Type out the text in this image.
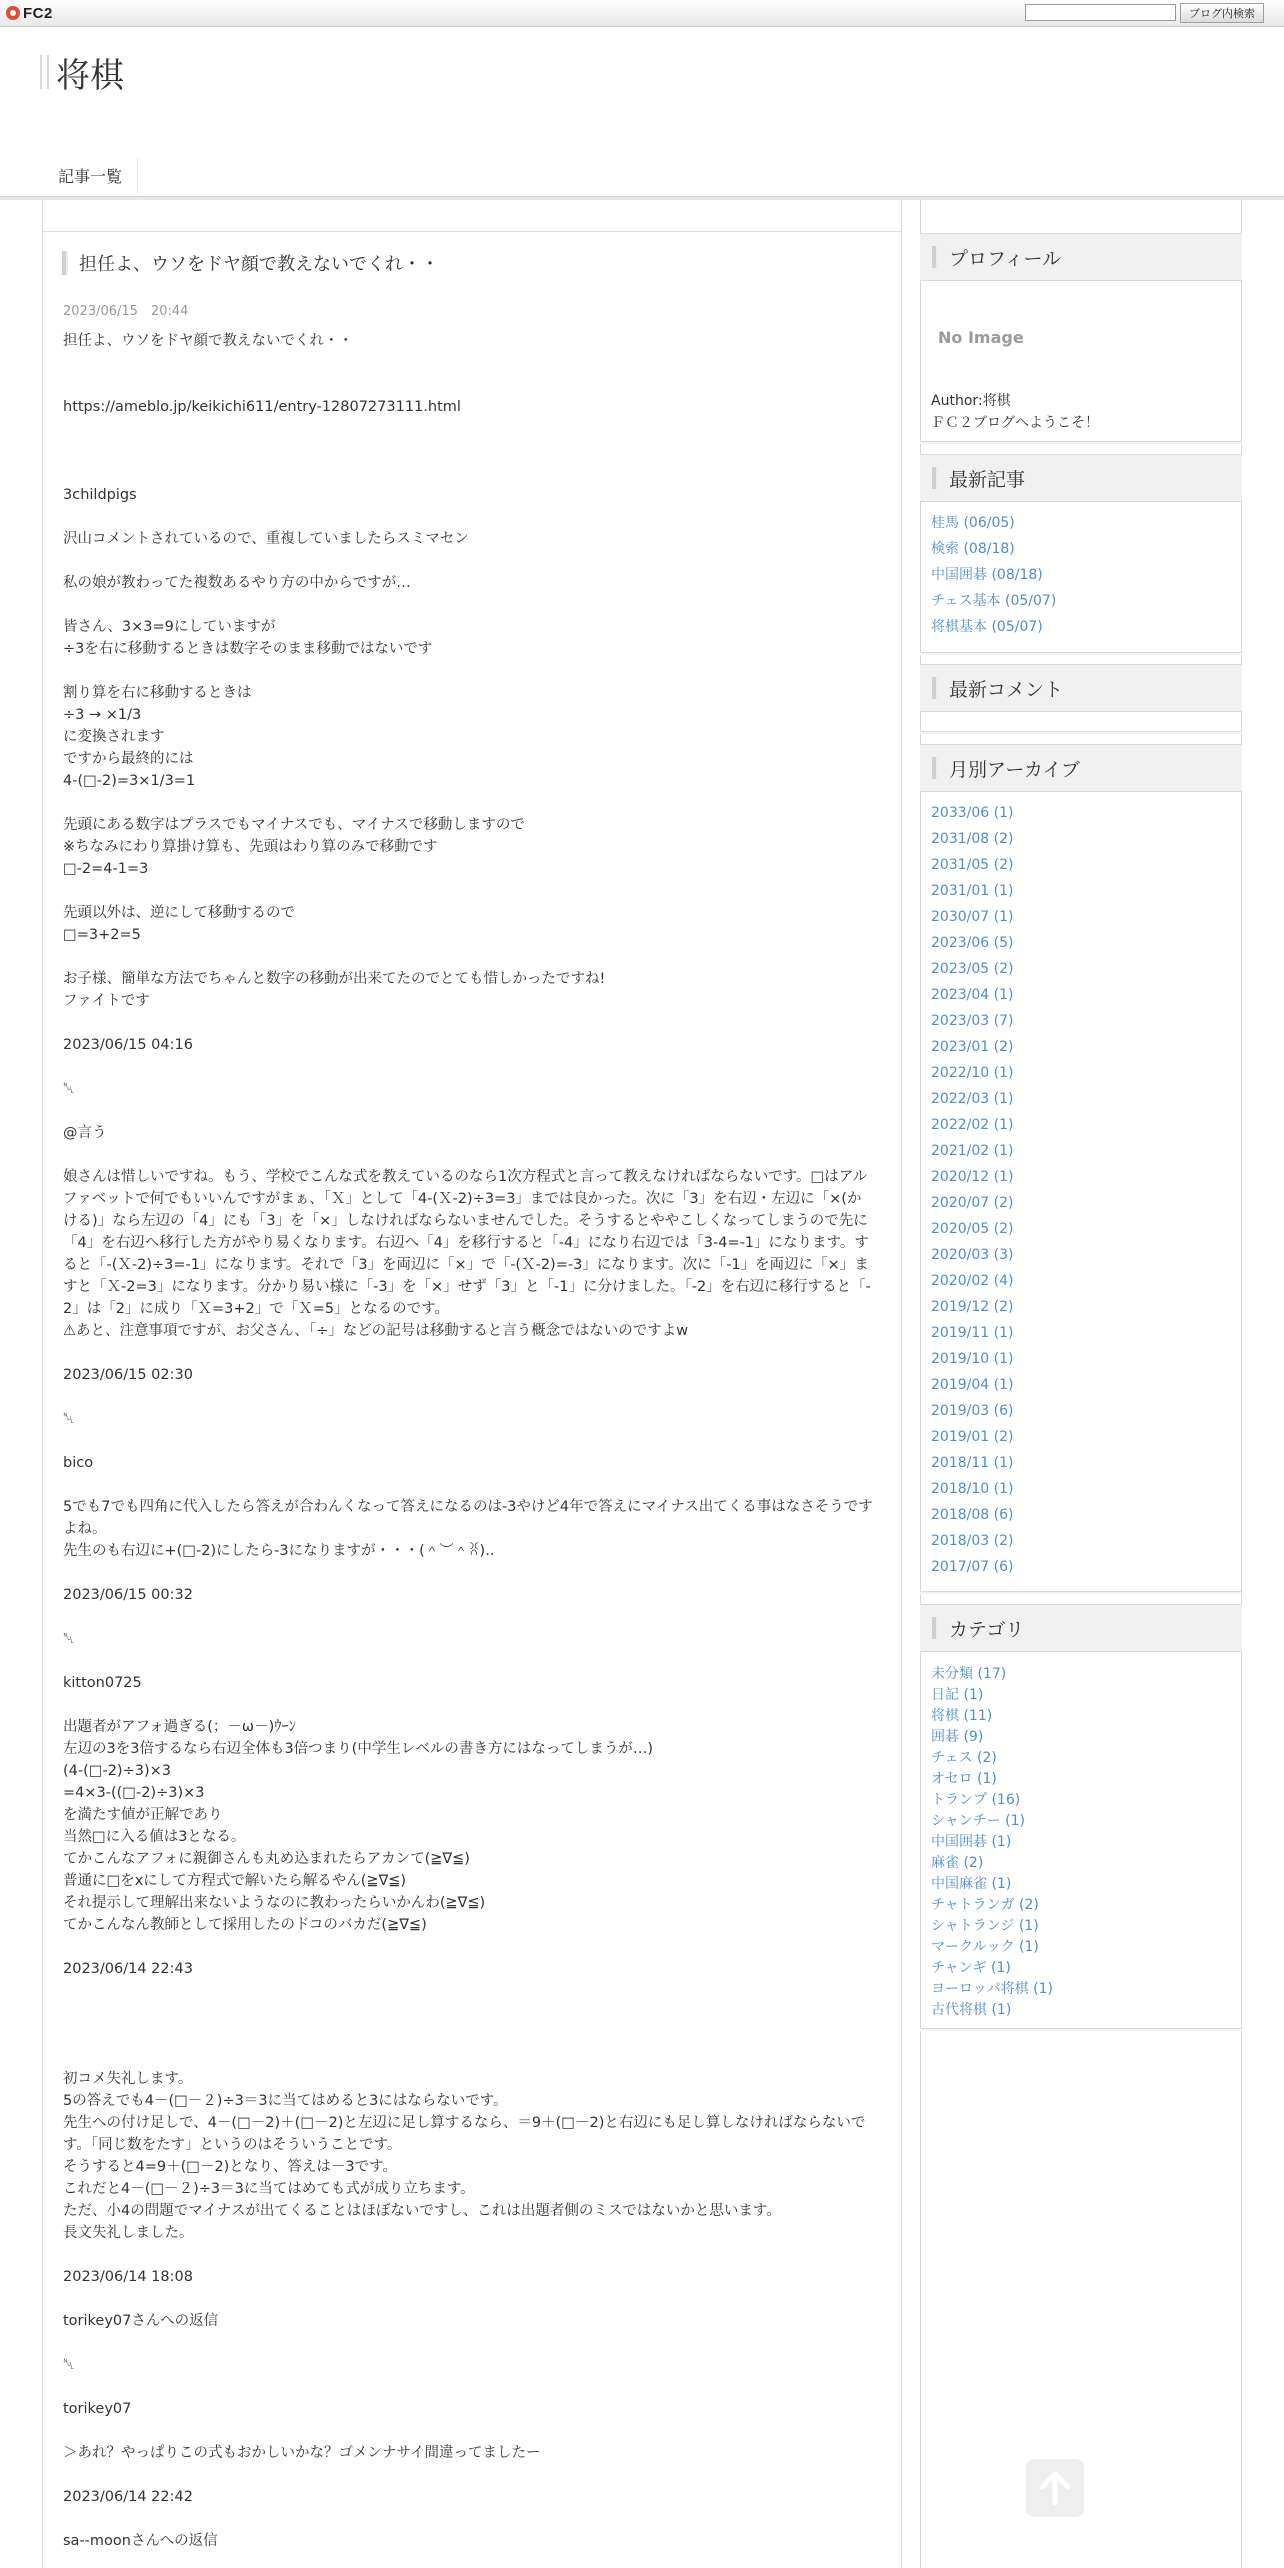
FC2	ブログ内検索
将棋
記事一覧
担任よ、ウソをドヤ顔で教えないでくれ・・
2023/06/15　20:44
担任よ、ウソをドヤ顔で教えないでくれ・・

https://ameblo.jp/keikichi611/entry-12807273111.html

3childpigs

沢山コメントされているので、重複していましたらスミマセン

私の娘が教わってた複数あるやり方の中からですが…

皆さん、3×3=9にしていますが
÷3を右に移動するときは数字そのまま移動ではないです

割り算を右に移動するときは
÷3 → ×1/3
に変換されます
ですから最終的には
4-(□-2)=3×1/3=1

先頭にある数字はプラスでもマイナスでも、マイナスで移動しますので
※ちなみにわり算掛け算も、先頭はわり算のみで移動です
□-2=4-1=3

先頭以外は、逆にして移動するので
□=3+2=5

お子様、簡単な方法でちゃんと数字の移動が出来てたのでとても惜しかったですね!
ファイトです

2023/06/15 04:16

␀

@言う

娘さんは惜しいですね。もう、学校でこんな式を教えているのなら1次方程式と言って教えなければならないです。□はアルファベットで何でもいいんですがまぁ、「Ｘ」として「4-(Ｘ-2)÷3=3」までは良かった。次に「3」を右辺・左辺に「×(かける)」なら左辺の「4」にも「3」を「×」しなければならないませんでした。そうするとややこしくなってしまうので先に「4」を右辺へ移行した方がやり易くなります。右辺へ「4」を移行すると「-4」になり右辺では「3-4=-1」になります。すると「-(Ｘ-2)÷3=-1」になります。それで「3」を両辺に「×」で「-(Ｘ-2)=-3」になります。次に「-1」を両辺に「×」ますと「Ｘ-2=3」になります。分かり易い様に「-3」を「×」せず「3」と「-1」に分けました。「-2」を右辺に移行すると「-2」は「2」に成り「Ｘ=3+2」で「Ｘ=5」となるのです。
⚠あと、注意事項ですが、お父さん、「÷」などの記号は移動すると言う概念ではないのですよw

2023/06/15 02:30

␀

bico

5でも7でも四角に代入したら答えが合わんくなって答えになるのは-3やけど4年で答えにマイナス出てくる事はなさそうですよね。
先生のも右辺に+(□-2)にしたら-3になりますが・・・(＾︶＾ꐦ)..

2023/06/15 00:32

␀

kitton0725

出題者がアフォ過ぎる(；－ω－)ｳｰﾝ
左辺の3を3倍するなら右辺全体も3倍つまり(中学生レベルの書き方にはなってしまうが…)
(4-(□-2)÷3)×3
=4×3-((□-2)÷3)×3
を満たす値が正解であり
当然□に入る値は3となる。
てかこんなアフォに親御さんも丸め込まれたらアカンて(≧∇≦)
普通に□をxにして方程式で解いたら解るやん(≧∇≦)
それ提示して理解出来ないようなのに教わったらいかんわ(≧∇≦)
てかこんなん教師として採用したのドコのバカだ(≧∇≦)

2023/06/14 22:43

初コメ失礼します。
5の答えでも4－(□－２)÷3＝3に当てはめると3にはならないです。
先生への付け足しで、4－(□－2)＋(□－2)と左辺に足し算するなら、＝9＋(□－2)と右辺にも足し算しなければならないです。「同じ数をたす」というのはそういうことです。
そうすると4=9＋(□－2)となり、答えは－3です。
これだと4－(□－２)÷3＝3に当てはめても式が成り立ちます。
ただ、小4の問題でマイナスが出てくることはほぼないですし、これは出題者側のミスではないかと思います。
長文失礼しました。

2023/06/14 18:08

torikey07さんへの返信

␀

torikey07

＞あれ？やっぱりこの式もおかしいかな？ゴメンナサイ間違ってましたー

2023/06/14 22:42

sa--moonさんへの返信
プロフィール
No Image
Author:将棋
ＦＣ２ブログへようこそ！
最新記事
桂馬 (06/05)
検索 (08/18)
中国囲碁 (08/18)
チェス基本 (05/07)
将棋基本 (05/07)
最新コメント
月別アーカイブ
2033/06 (1)
2031/08 (2)
2031/05 (2)
2031/01 (1)
2030/07 (1)
2023/06 (5)
2023/05 (2)
2023/04 (1)
2023/03 (7)
2023/01 (2)
2022/10 (1)
2022/03 (1)
2022/02 (1)
2021/02 (1)
2020/12 (1)
2020/07 (2)
2020/05 (2)
2020/03 (3)
2020/02 (4)
2019/12 (2)
2019/11 (1)
2019/10 (1)
2019/04 (1)
2019/03 (6)
2019/01 (2)
2018/11 (1)
2018/10 (1)
2018/08 (6)
2018/03 (2)
2017/07 (6)
カテゴリ
未分類 (17)
日記 (1)
将棋 (11)
囲碁 (9)
チェス (2)
オセロ (1)
トランプ (16)
シャンチー (1)
中国囲碁 (1)
麻雀 (2)
中国麻雀 (1)
チャトランガ (2)
シャトランジ (1)
マークルック (1)
チャンギ (1)
ヨーロッパ将棋 (1)
古代将棋 (1)
